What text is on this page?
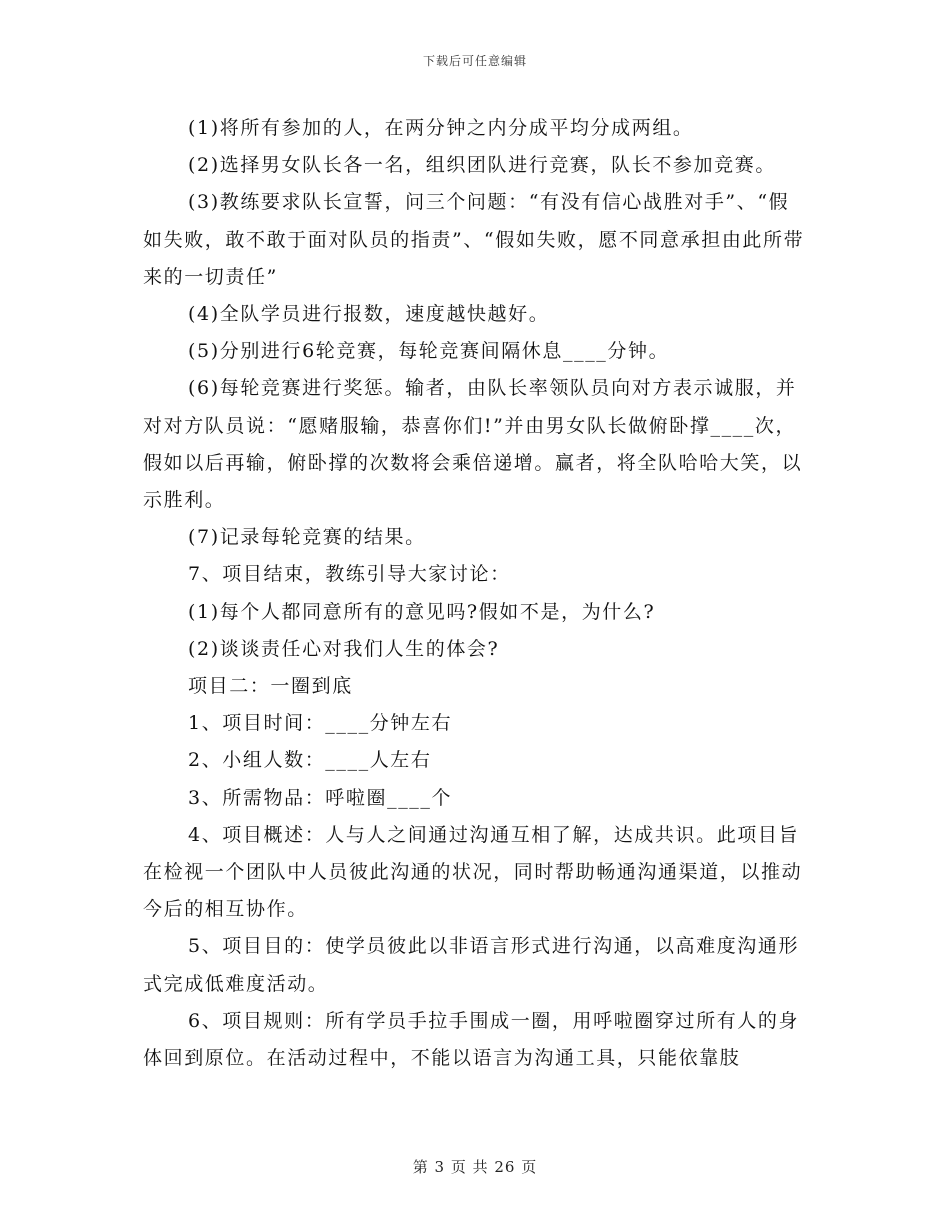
下载后可任意编辑

(1)将所有参加的人，在两分钟之内分成平均分成两组。

(2)选择男女队长各一名，组织团队进行竞赛，队长不参加竞赛。

(3)教练要求队长宣誓，问三个问题：“有没有信心战胜对手”、“假如失败，敢不敢于面对队员的指责”、“假如失败，愿不同意承担由此所带来的一切责任”

(4)全队学员进行报数，速度越快越好。

(5)分别进行6轮竞赛，每轮竞赛间隔休息____分钟。

(6)每轮竞赛进行奖惩。输者，由队长率领队员向对方表示诚服，并对对方队员说：“愿赌服输，恭喜你们!”并由男女队长做俯卧撑____次，假如以后再输，俯卧撑的次数将会乘倍递增。赢者，将全队哈哈大笑，以示胜利。

(7)记录每轮竞赛的结果。

7、项目结束，教练引导大家讨论：

(1)每个人都同意所有的意见吗?假如不是，为什么?

(2)谈谈责任心对我们人生的体会?

项目二：一圈到底

1、项目时间：____分钟左右

2、小组人数：____人左右

3、所需物品：呼啦圈____个

4、项目概述：人与人之间通过沟通互相了解，达成共识。此项目旨在检视一个团队中人员彼此沟通的状况，同时帮助畅通沟通渠道，以推动今后的相互协作。

5、项目目的：使学员彼此以非语言形式进行沟通，以高难度沟通形式完成低难度活动。

6、项目规则：所有学员手拉手围成一圈，用呼啦圈穿过所有人的身体回到原位。在活动过程中，不能以语言为沟通工具，只能依靠肢

第 3 页 共 26 页
